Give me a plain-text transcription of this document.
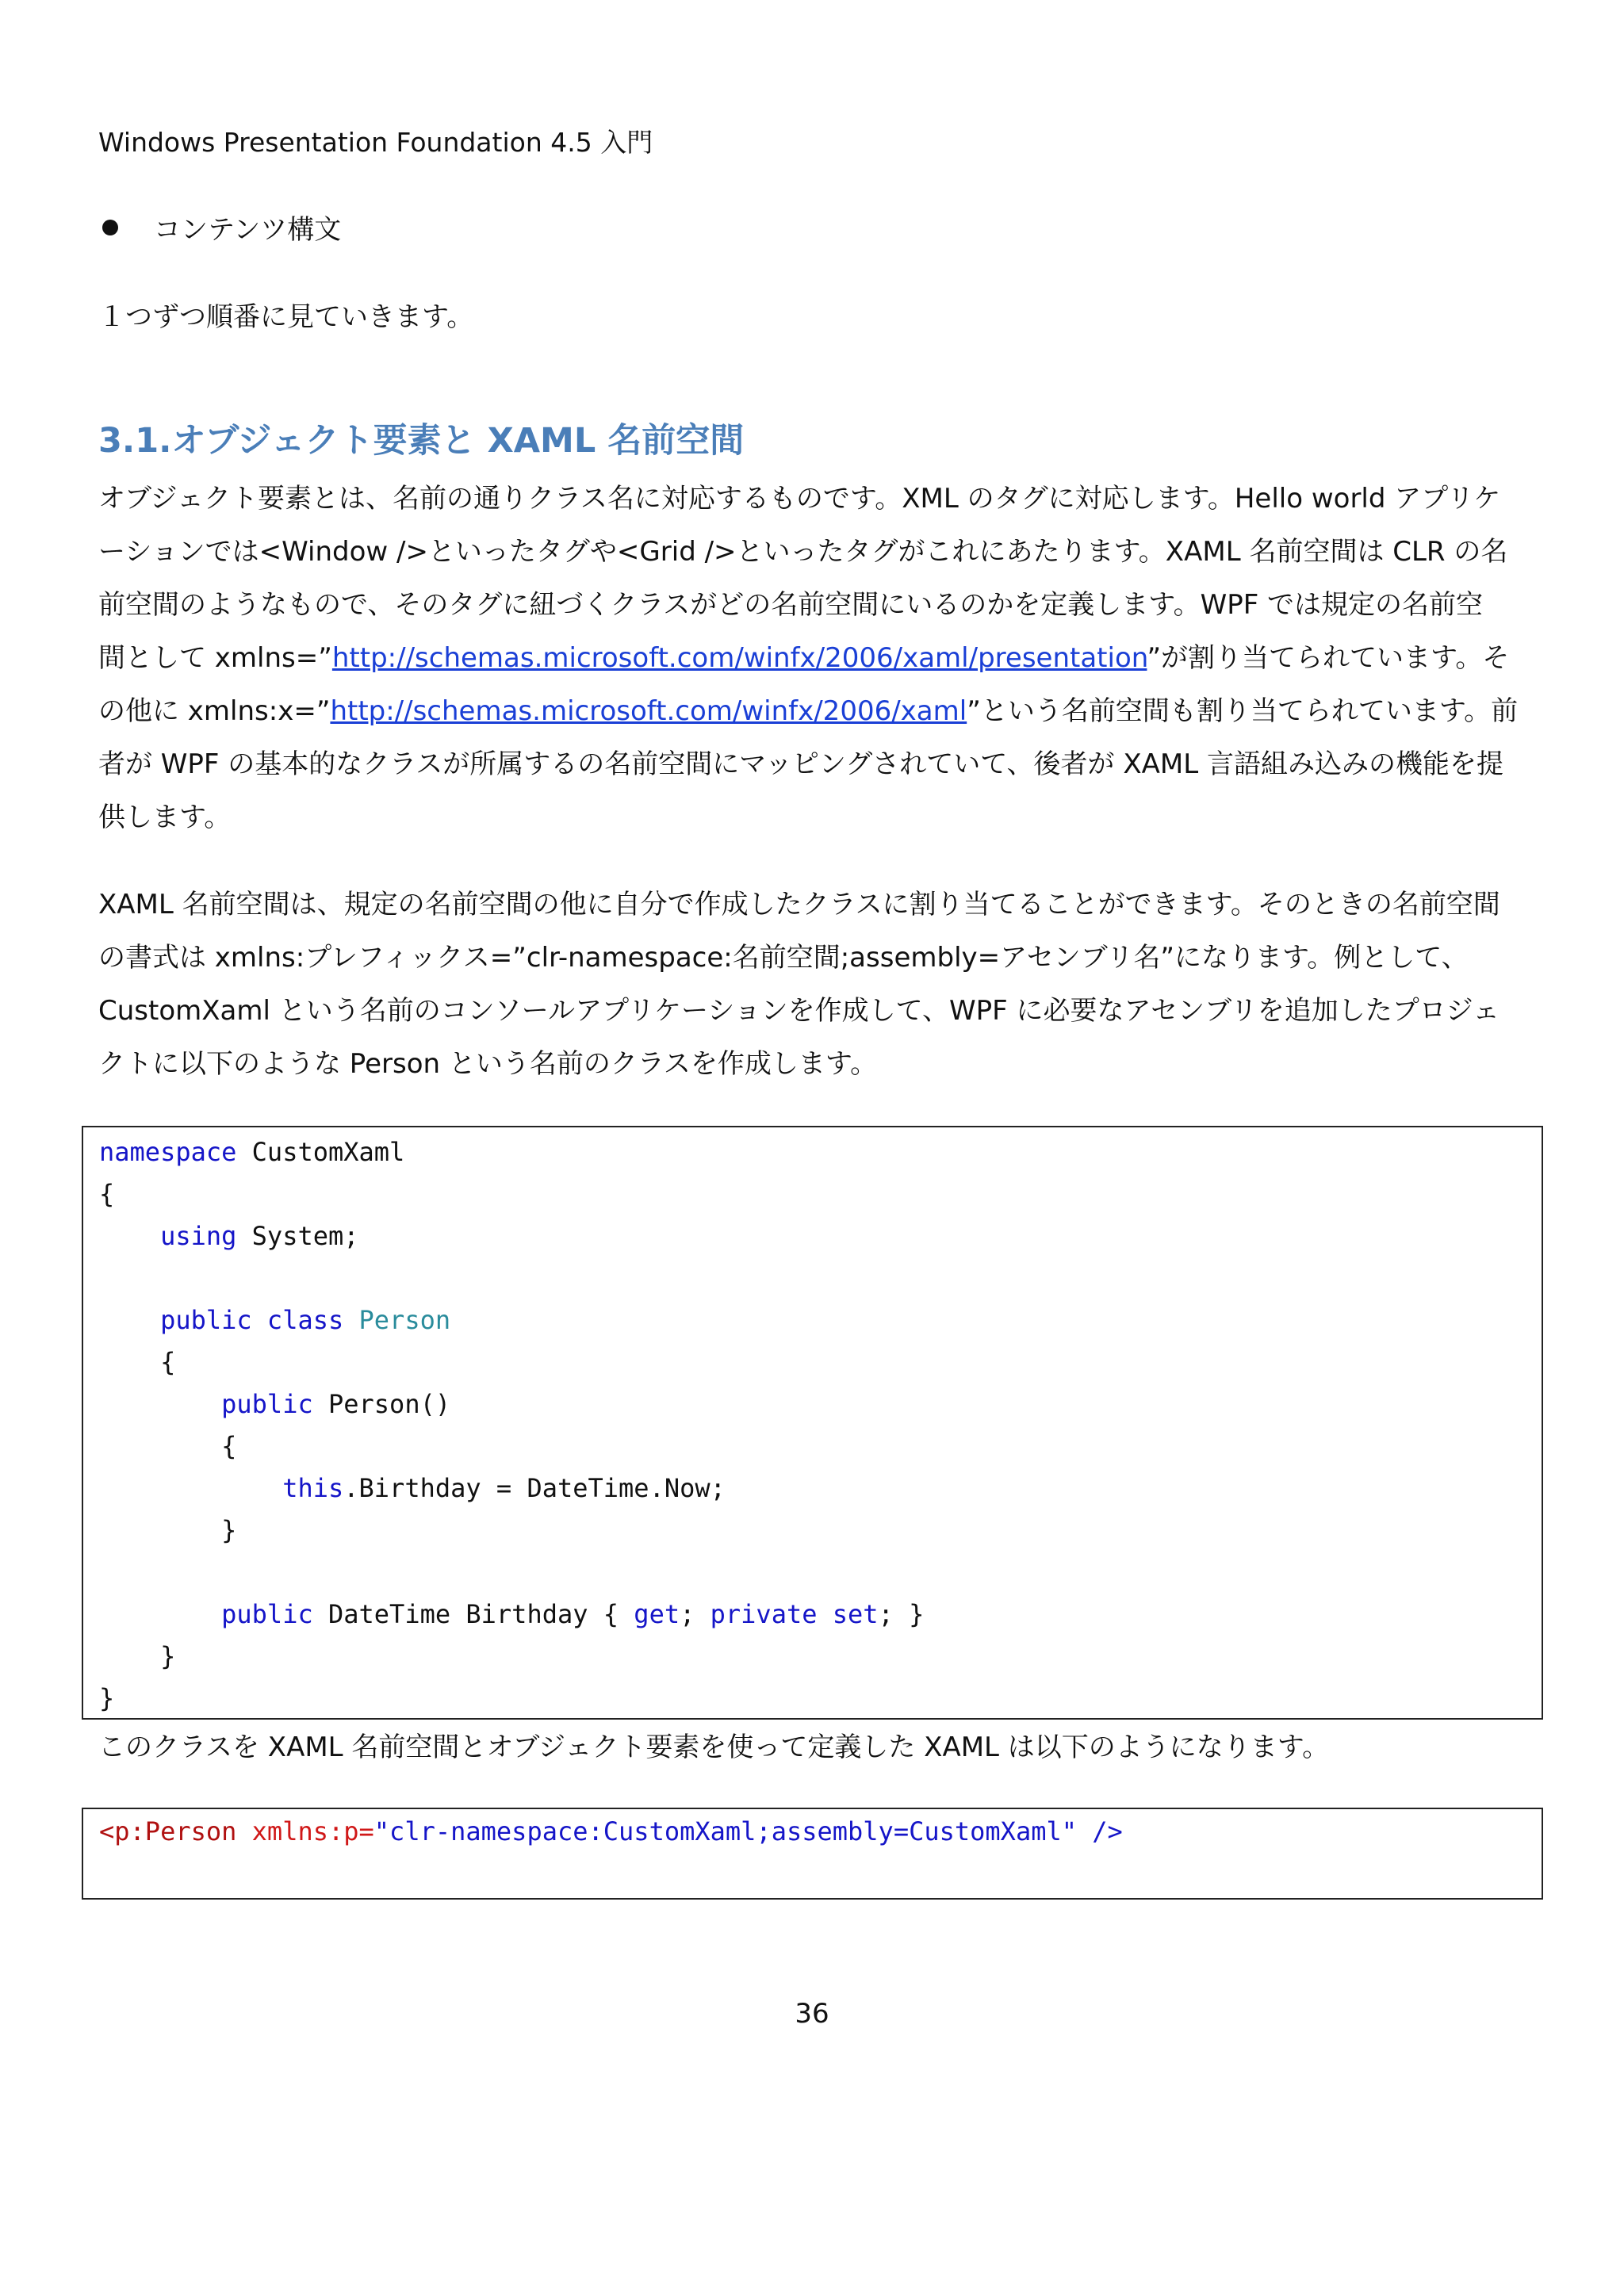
Windows Presentation Foundation 4.5 入門
コンテンツ構文
１つずつ順番に見ていきます。
3.1.オブジェクト要素と XAML 名前空間

オブジェクト要素とは、名前の通りクラス名に対応するものです。XML のタグに対応します。Hello world アプリケ

ーションでは<Window />といったタグや<Grid />といったタグがこれにあたります。XAML 名前空間は CLR の名

前空間のようなもので、そのタグに紐づくクラスがどの名前空間にいるのかを定義します。WPF では規定の名前空

間として xmlns=”http://schemas.microsoft.com/winfx/2006/xaml/presentation”が割り当てられています。そ

の他に xmlns:x=”http://schemas.microsoft.com/winfx/2006/xaml”という名前空間も割り当てられています。前

者が WPF の基本的なクラスが所属するの名前空間にマッピングされていて、後者が XAML 言語組み込みの機能を提

供します。

XAML 名前空間は、規定の名前空間の他に自分で作成したクラスに割り当てることができます。そのときの名前空間

の書式は xmlns:プレフィックス=”clr-namespace:名前空間;assembly=アセンブリ名”になります。例として、

CustomXaml という名前のコンソールアプリケーションを作成して、WPF に必要なアセンブリを追加したプロジェ

クトに以下のような Person という名前のクラスを作成します。

namespace CustomXaml
{
using System;

public class Person
{
public Person()
{
this.Birthday = DateTime.Now;
}

public DateTime Birthday { get; private set; }
}
}
このクラスを XAML 名前空間とオブジェクト要素を使って定義した XAML は以下のようになります。
<p:Person xmlns:p="clr-namespace:CustomXaml;assembly=CustomXaml" />
36
